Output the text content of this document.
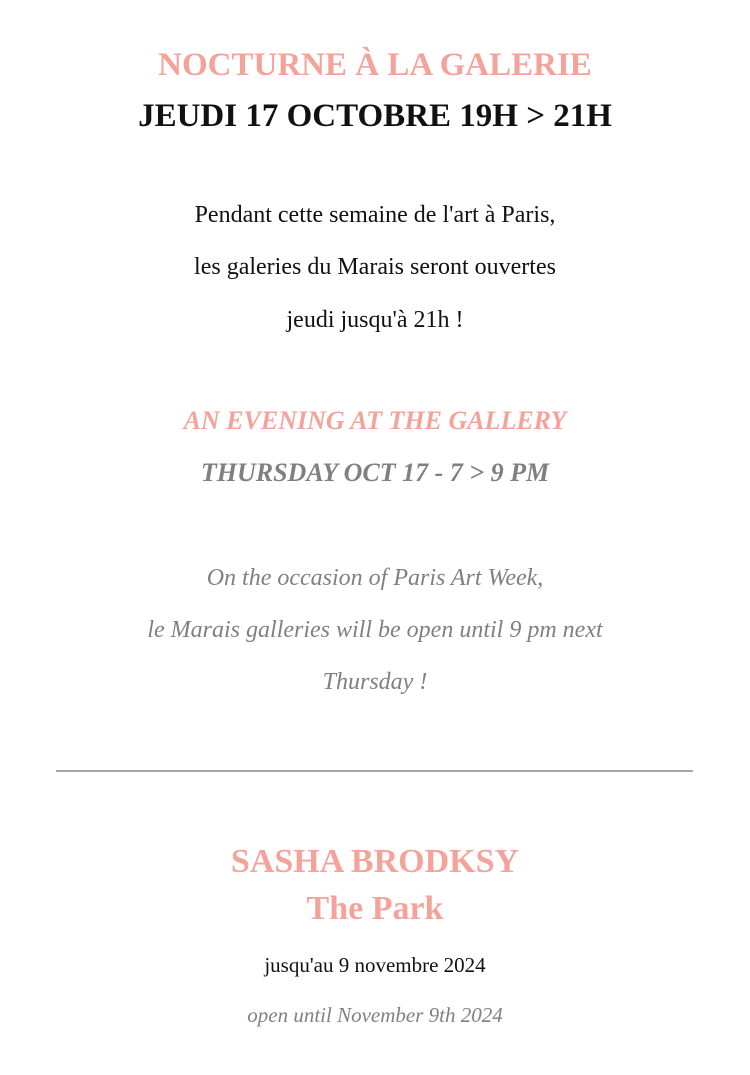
NOCTURNE À LA GALERIE
JEUDI 17 OCTOBRE 19H > 21H
Pendant cette semaine de l'art à Paris,
les galeries du Marais seront ouvertes
jeudi jusqu'à 21h !
AN EVENING AT THE GALLERY
THURSDAY OCT 17 - 7 > 9 PM
On the occasion of Paris Art Week,
le Marais galleries will be open until 9 pm next
Thursday !
SASHA BRODKSY
The Park
jusqu'au 9 novembre 2024
open until November 9th 2024
